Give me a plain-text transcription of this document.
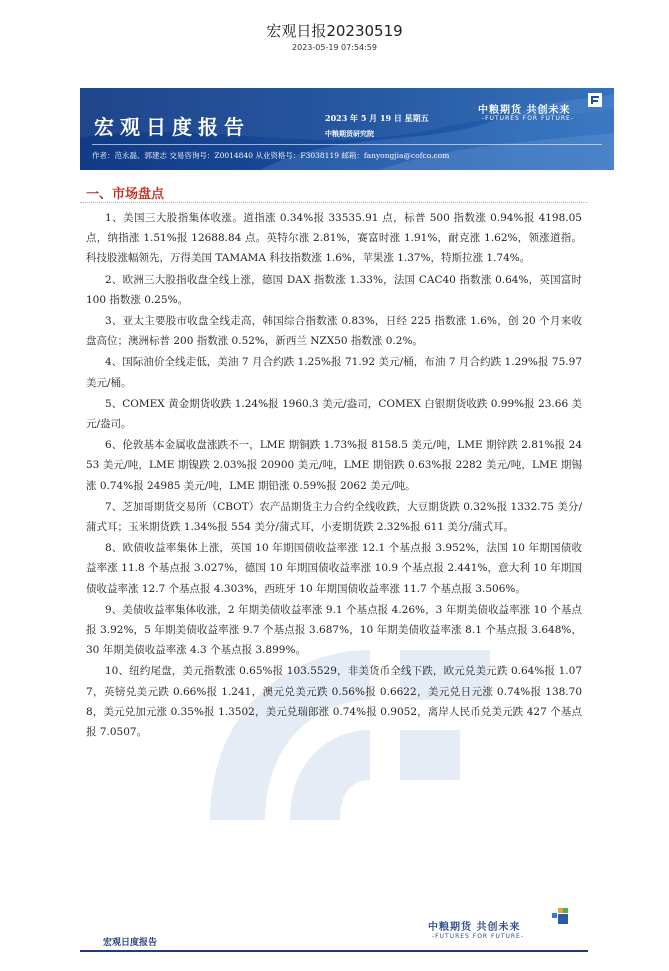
宏观日报20230519
2023-05-19 07:54:59
宏观日度报告	2023 年 5 月 19 日 星期五
中粮期货研究院
中粮期货 共创未来
-FUTURES FOR FUTURE-
作者：范永磊、郭建志 交易咨询号：Z0014840 从业资格号：F3038119 邮箱：fanyongjia@cofco.com
一、市场盘点

1、美国三大股指集体收涨。道指涨 0.34%报 33535.91 点，标普 500 指数涨 0.94%报 4198.05 点，纳指涨 1.51%报 12688.84 点。英特尔涨 2.81%，赛富时涨 1.91%，耐克涨 1.62%，领涨道指。科技股涨幅领先，万得美国 TAMAMA 科技指数涨 1.6%，苹果涨 1.37%，特斯拉涨 1.74%。

2、欧洲三大股指收盘全线上涨，德国 DAX 指数涨 1.33%，法国 CAC40 指数涨 0.64%，英国富时 100 指数涨 0.25%。

3、亚太主要股市收盘全线走高，韩国综合指数涨 0.83%，日经 225 指数涨 1.6%，创 20 个月来收盘高位；澳洲标普 200 指数涨 0.52%，新西兰 NZX50 指数涨 0.2%。

4、国际油价全线走低，美油 7 月合约跌 1.25%报 71.92 美元/桶，布油 7 月合约跌 1.29%报 75.97 美元/桶。

5、COMEX 黄金期货收跌 1.24%报 1960.3 美元/盎司，COMEX 白银期货收跌 0.99%报 23.66 美元/盎司。

6、伦敦基本金属收盘涨跌不一，LME 期铜跌 1.73%报 8158.5 美元/吨，LME 期锌跌 2.81%报 2453 美元/吨，LME 期镍跌 2.03%报 20900 美元/吨，LME 期铝跌 0.63%报 2282 美元/吨，LME 期锡涨 0.74%报 24985 美元/吨，LME 期铅涨 0.59%报 2062 美元/吨。

7、芝加哥期货交易所（CBOT）农产品期货主力合约全线收跌，大豆期货跌 0.32%报 1332.75 美分/蒲式耳；玉米期货跌 1.34%报 554 美分/蒲式耳，小麦期货跌 2.32%报 611 美分/蒲式耳。

8、欧债收益率集体上涨，英国 10 年期国债收益率涨 12.1 个基点报 3.952%，法国 10 年期国债收益率涨 11.8 个基点报 3.027%，德国 10 年期国债收益率涨 10.9 个基点报 2.441%，意大利 10 年期国债收益率涨 12.7 个基点报 4.303%，西班牙 10 年期国债收益率涨 11.7 个基点报 3.506%。

9、美债收益率集体收涨，2 年期美债收益率涨 9.1 个基点报 4.26%，3 年期美债收益率涨 10 个基点报 3.92%，5 年期美债收益率涨 9.7 个基点报 3.687%，10 年期美债收益率涨 8.1 个基点报 3.648%，30 年期美债收益率涨 4.3 个基点报 3.899%。

10、纽约尾盘，美元指数涨 0.65%报 103.5529，非美货币全线下跌，欧元兑美元跌 0.64%报 1.077，英镑兑美元跌 0.66%报 1.241，澳元兑美元跌 0.56%报 0.6622，美元兑日元涨 0.74%报 138.708，美元兑加元涨 0.35%报 1.3502，美元兑瑞郎涨 0.74%报 0.9052，离岸人民币兑美元跌 427 个基点报 7.0507。

中粮期货 共创未来
-FUTURES FOR FUTURE-
宏观日度报告
